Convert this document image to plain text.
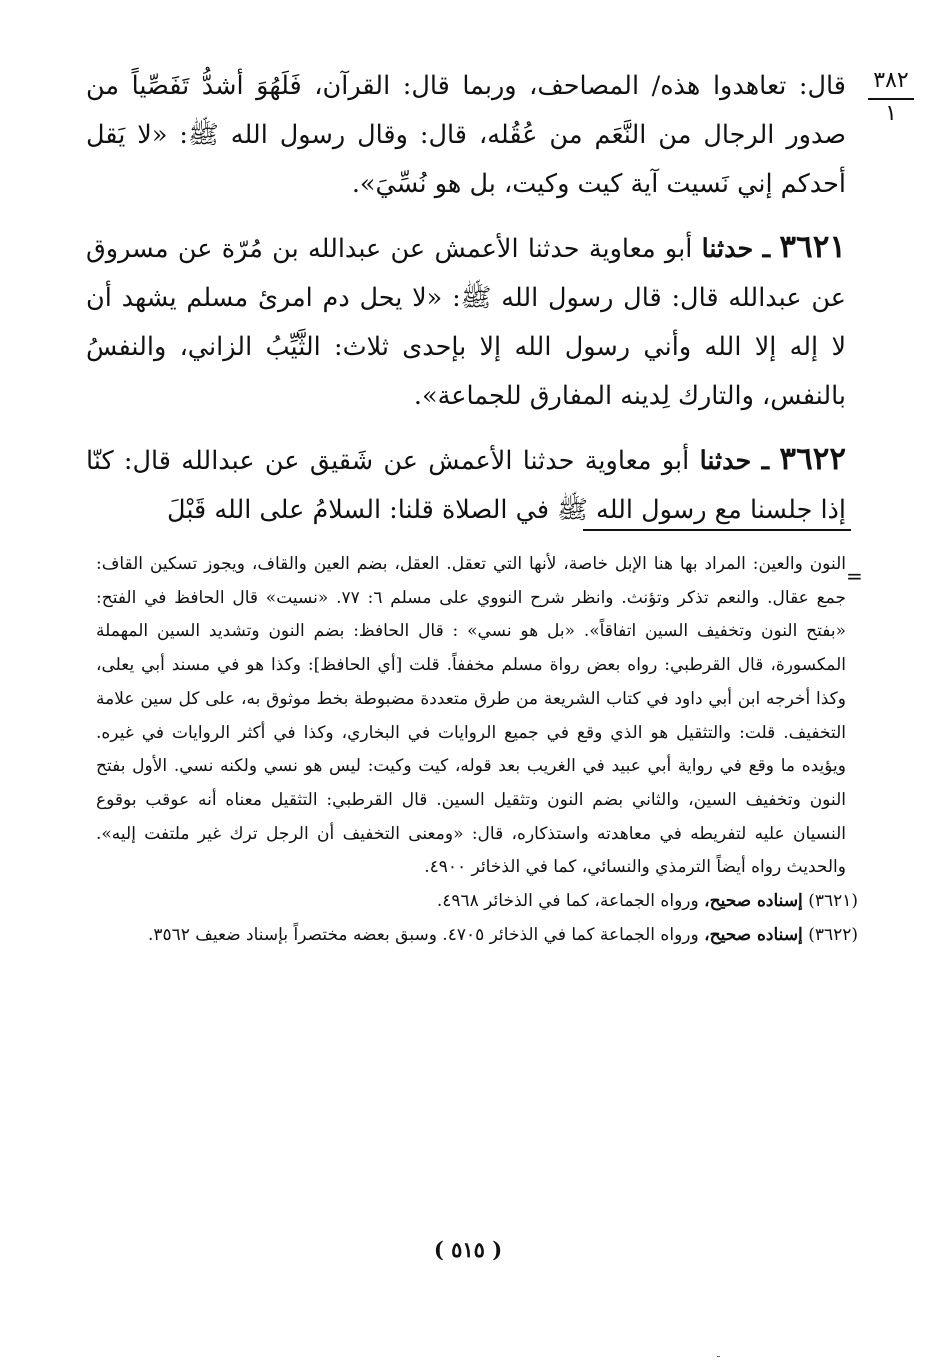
٣٨٢
١

قال: تعاهدوا هذه/ المصاحف، وربما قال: القرآن، فَلَهُوَ أشدُّ تَفَصِّياً من صدور الرجال من النَّعَم من عُقُله، قال: وقال رسول الله ﷺ: «لا يَقل أحدكم إني نَسيت آية كيت وكيت، بل هو نُسِّيَ».

٣٦٢١ ـ حدثنا أبو معاوية حدثنا الأعمش عن عبدالله بن مُرّة عن مسروق عن عبدالله قال: قال رسول الله ﷺ: «لا يحل دم امرئ مسلم يشهد أن لا إله إلا الله وأني رسول الله إلا بإحدى ثلاث: الثَّيِّبُ الزاني، والنفسُ بالنفس، والتارك لِدينه المفارق للجماعة».

٣٦٢٢ ـ حدثنا أبو معاوية حدثنا الأعمش عن شَقيق عن عبدالله قال: كنّا إذا جلسنا مع رسول الله ﷺ في الصلاة قلنا: السلامُ على الله قَبْلَ

=

النون والعين: المراد بها هنا الإبل خاصة، لأنها التي تعقل. العقل، بضم العين والقاف، ويجوز تسكين القاف: جمع عقال. والنعم تذكر وتؤنث. وانظر شرح النووي على مسلم ٦: ٧٧. «نسيت» قال الحافظ في الفتح: «بفتح النون وتخفيف السين اتفاقاً». «بل هو نسي» : قال الحافظ: بضم النون وتشديد السين المهملة المكسورة، قال القرطبي: رواه بعض رواة مسلم مخففاً. قلت [أي الحافظ]: وكذا هو في مسند أبي يعلى، وكذا أخرجه ابن أبي داود في كتاب الشريعة من طرق متعددة مضبوطة بخط موثوق به، على كل سين علامة التخفيف. قلت: والتثقيل هو الذي وقع في جميع الروايات في البخاري، وكذا في أكثر الروايات في غيره. ويؤيده ما وقع في رواية أبي عبيد في الغريب بعد قوله، كيت وكيت: ليس هو نسي ولكنه نسي. الأول بفتح النون وتخفيف السين، والثاني بضم النون وتثقيل السين. قال القرطبي: التثقيل معناه أنه عوقب بوقوع النسيان عليه لتفريطه في معاهدته واستذكاره، قال: «ومعنى التخفيف أن الرجل ترك غير ملتفت إليه». والحديث رواه أيضاً الترمذي والنسائي، كما في الذخائر ٤٩٠٠.

(٣٦٢١) إسناده صحيح، ورواه الجماعة، كما في الذخائر ٤٩٦٨.

(٣٦٢٢) إسناده صحيح، ورواه الجماعة كما في الذخائر ٤٧٠٥. وسبق بعضه مختصراً بإسناد ضعيف ٣٥٦٢.

( ٥١٥ )
